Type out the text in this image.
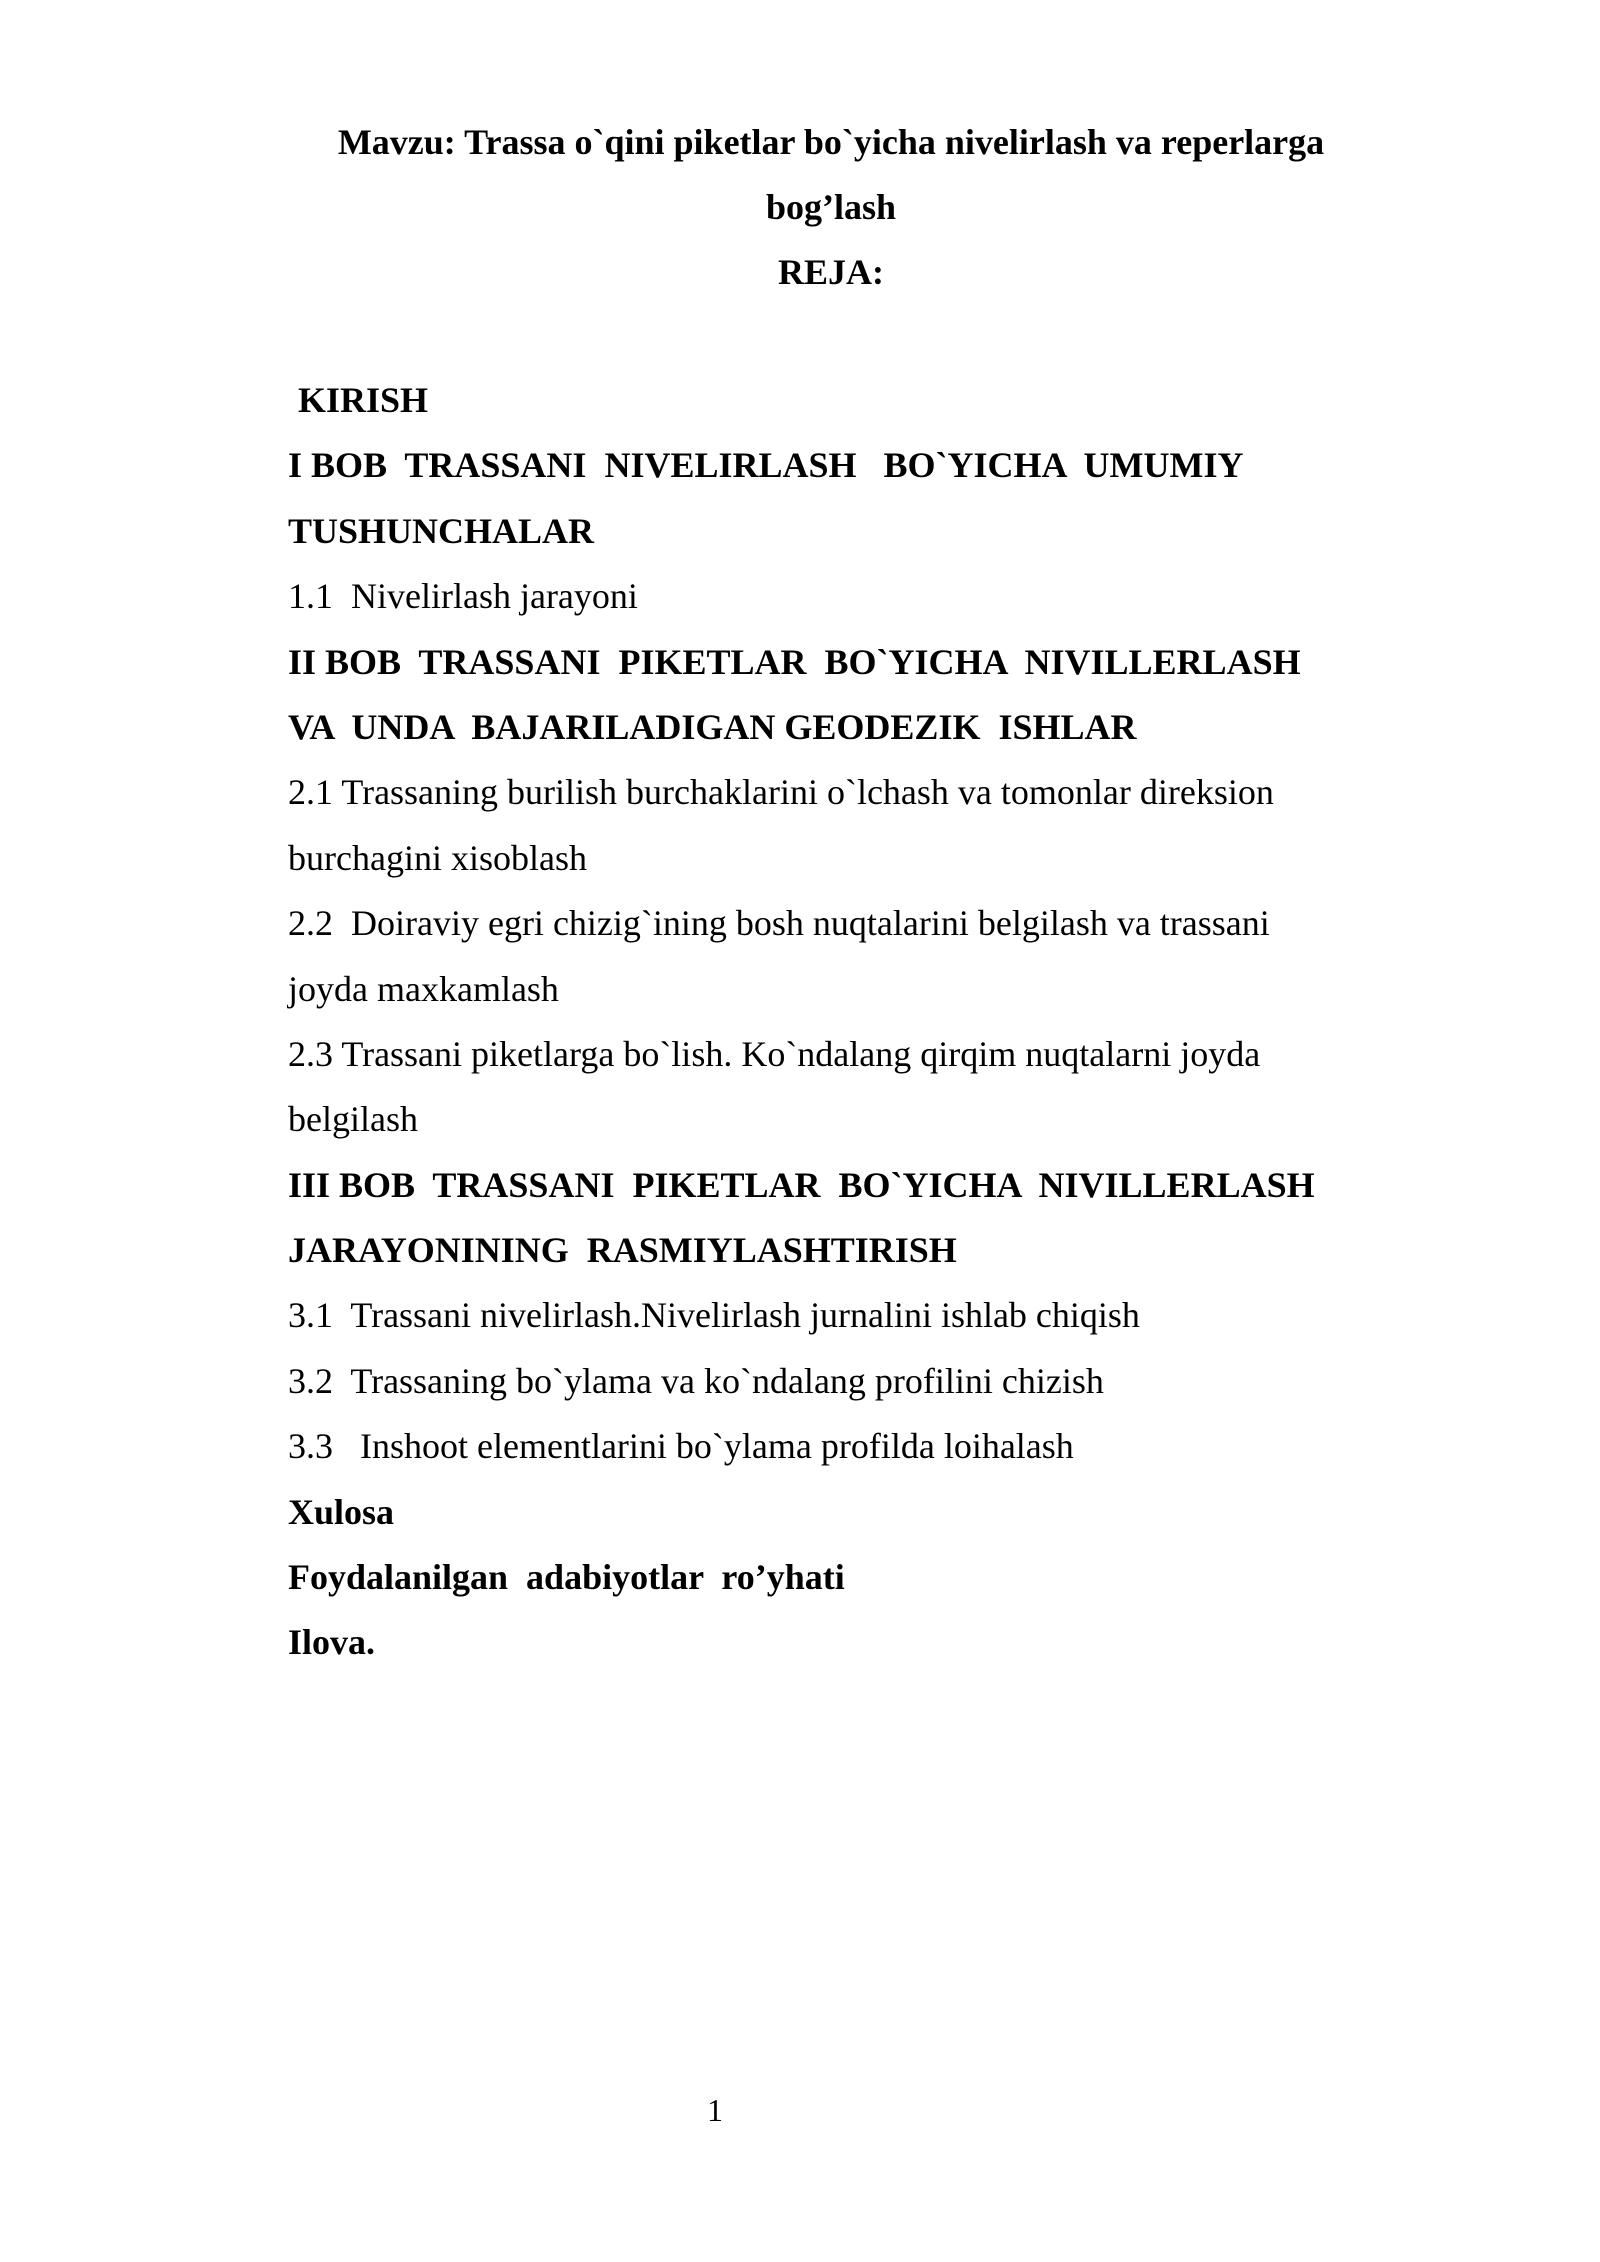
Mavzu: Trassa o`qini piketlar bo`yicha nivelirlash va reperlarga
bog’lash
REJA:
KIRISH
I BOB  TRASSANI  NIVELIRLASH   BO`YICHA  UMUMIY
TUSHUNCHALAR
1.1  Nivelirlash jarayoni
II BOB  TRASSANI  PIKETLAR  BO`YICHA  NIVILLERLASH
VA  UNDA  BAJARILADIGAN GEODEZIK  ISHLAR
2.1 Trassaning burilish burchaklarini o`lchash va tomonlar direksion
burchagini xisoblash
2.2  Doiraviy egri chizig`ining bosh nuqtalarini belgilash va trassani
joyda maxkamlash
2.3 Trassani piketlarga bo`lish. Ko`ndalang qirqim nuqtalarni joyda
belgilash
III BOB  TRASSANI  PIKETLAR  BO`YICHA  NIVILLERLASH
JARAYONINING  RASMIYLASHTIRISH
3.1  Trassani nivelirlash.Nivelirlash jurnalini ishlab chiqish
3.2  Trassaning bo`ylama va ko`ndalang profilini chizish
3.3   Inshoot elementlarini bo`ylama profilda loihalash
Xulosa
Foydalanilgan  adabiyotlar  ro’yhati
Ilova.
1
